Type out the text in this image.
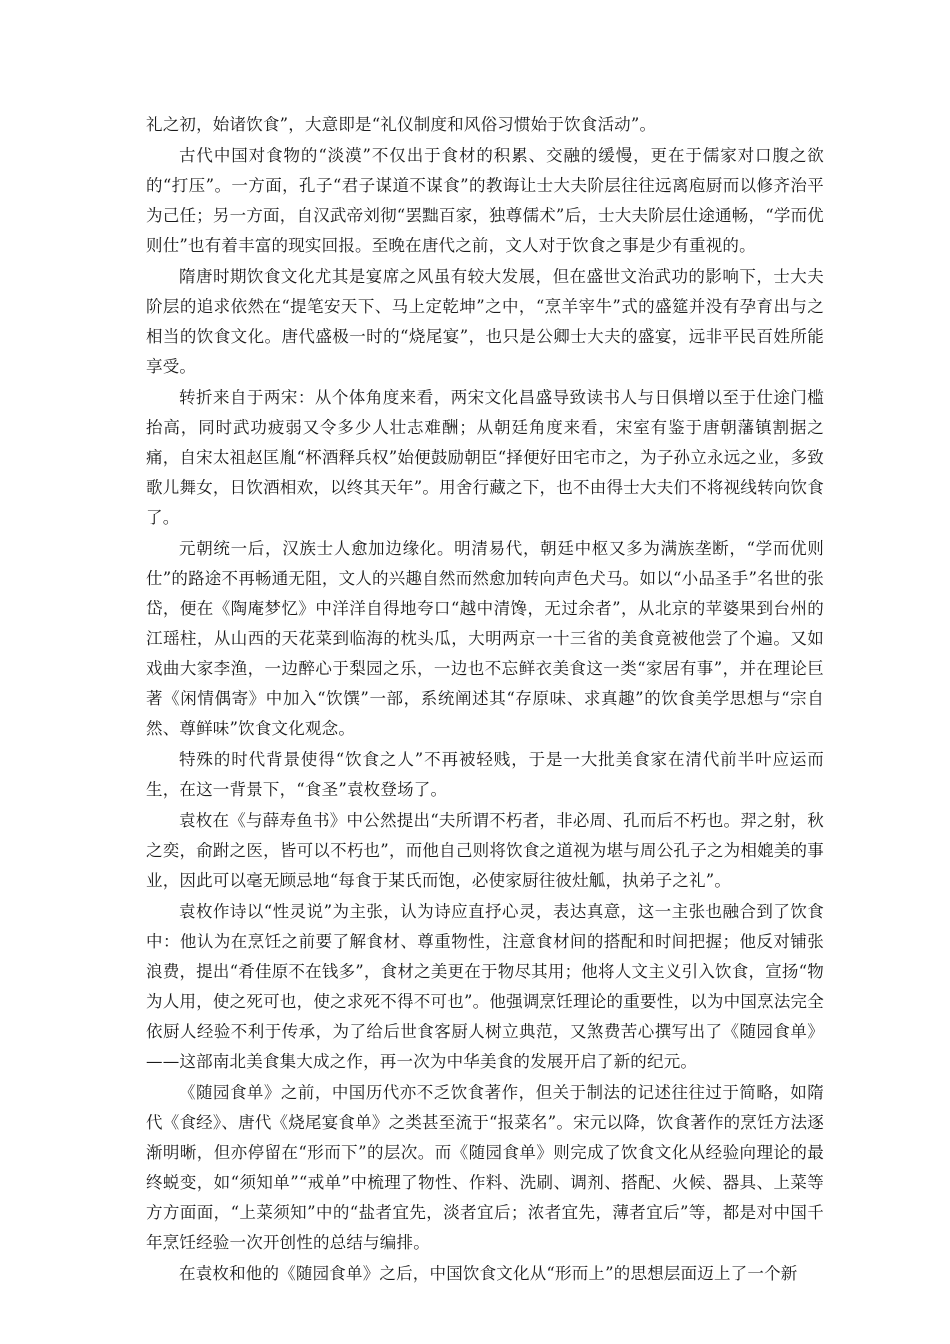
礼之初，始诸饮食”，大意即是“礼仪制度和风俗习惯始于饮食活动”。

古代中国对食物的“淡漠”不仅出于食材的积累、交融的缓慢，更在于儒家对口腹之欲的“打压”。一方面，孔子“君子谋道不谋食”的教诲让士大夫阶层往往远离庖厨而以修齐治平为己任；另一方面，自汉武帝刘彻“罢黜百家，独尊儒术”后，士大夫阶层仕途通畅，“学而优则仕”也有着丰富的现实回报。至晚在唐代之前，文人对于饮食之事是少有重视的。

隋唐时期饮食文化尤其是宴席之风虽有较大发展，但在盛世文治武功的影响下，士大夫阶层的追求依然在“提笔安天下、马上定乾坤”之中，“烹羊宰牛”式的盛筵并没有孕育出与之相当的饮食文化。唐代盛极一时的“烧尾宴”，也只是公卿士大夫的盛宴，远非平民百姓所能享受。

转折来自于两宋：从个体角度来看，两宋文化昌盛导致读书人与日俱增以至于仕途门槛抬高，同时武功疲弱又令多少人壮志难酬；从朝廷角度来看，宋室有鉴于唐朝藩镇割据之痛，自宋太祖赵匡胤“杯酒释兵权”始便鼓励朝臣“择便好田宅市之，为子孙立永远之业，多致歌儿舞女，日饮酒相欢，以终其天年”。用舍行藏之下，也不由得士大夫们不将视线转向饮食了。

元朝统一后，汉族士人愈加边缘化。明清易代，朝廷中枢又多为满族垄断，“学而优则仕”的路途不再畅通无阻，文人的兴趣自然而然愈加转向声色犬马。如以“小品圣手”名世的张岱，便在《陶庵梦忆》中洋洋自得地夸口“越中清馋，无过余者”，从北京的苹婆果到台州的江瑶柱，从山西的天花菜到临海的枕头瓜，大明两京一十三省的美食竟被他尝了个遍。又如戏曲大家李渔，一边醉心于梨园之乐，一边也不忘鲜衣美食这一类“家居有事”，并在理论巨著《闲情偶寄》中加入“饮馔”一部，系统阐述其“存原味、求真趣”的饮食美学思想与“宗自然、尊鲜味”饮食文化观念。

特殊的时代背景使得“饮食之人”不再被轻贱，于是一大批美食家在清代前半叶应运而生，在这一背景下，“食圣”袁枚登场了。

袁枚在《与薛寿鱼书》中公然提出“夫所谓不朽者，非必周、孔而后不朽也。羿之射，秋之奕，俞跗之医，皆可以不朽也”，而他自己则将饮食之道视为堪与周公孔子之为相媲美的事业，因此可以毫无顾忌地“每食于某氏而饱，必使家厨往彼灶觚，执弟子之礼”。

袁枚作诗以“性灵说”为主张，认为诗应直抒心灵，表达真意，这一主张也融合到了饮食中：他认为在烹饪之前要了解食材、尊重物性，注意食材间的搭配和时间把握；他反对铺张浪费，提出“肴佳原不在钱多”，食材之美更在于物尽其用；他将人文主义引入饮食，宣扬“物为人用，使之死可也，使之求死不得不可也”。他强调烹饪理论的重要性，以为中国烹法完全依厨人经验不利于传承，为了给后世食客厨人树立典范，又煞费苦心撰写出了《随园食单》——这部南北美食集大成之作，再一次为中华美食的发展开启了新的纪元。

《随园食单》之前，中国历代亦不乏饮食著作，但关于制法的记述往往过于简略，如隋代《食经》、唐代《烧尾宴食单》之类甚至流于“报菜名”。宋元以降，饮食著作的烹饪方法逐渐明晰，但亦停留在“形而下”的层次。而《随园食单》则完成了饮食文化从经验向理论的最终蜕变，如“须知单”“戒单”中梳理了物性、作料、洗刷、调剂、搭配、火候、器具、上菜等方方面面，“上菜须知”中的“盐者宜先，淡者宜后；浓者宜先，薄者宜后”等，都是对中国千年烹饪经验一次开创性的总结与编排。

在袁枚和他的《随园食单》之后，中国饮食文化从“形而上”的思想层面迈上了一个新
